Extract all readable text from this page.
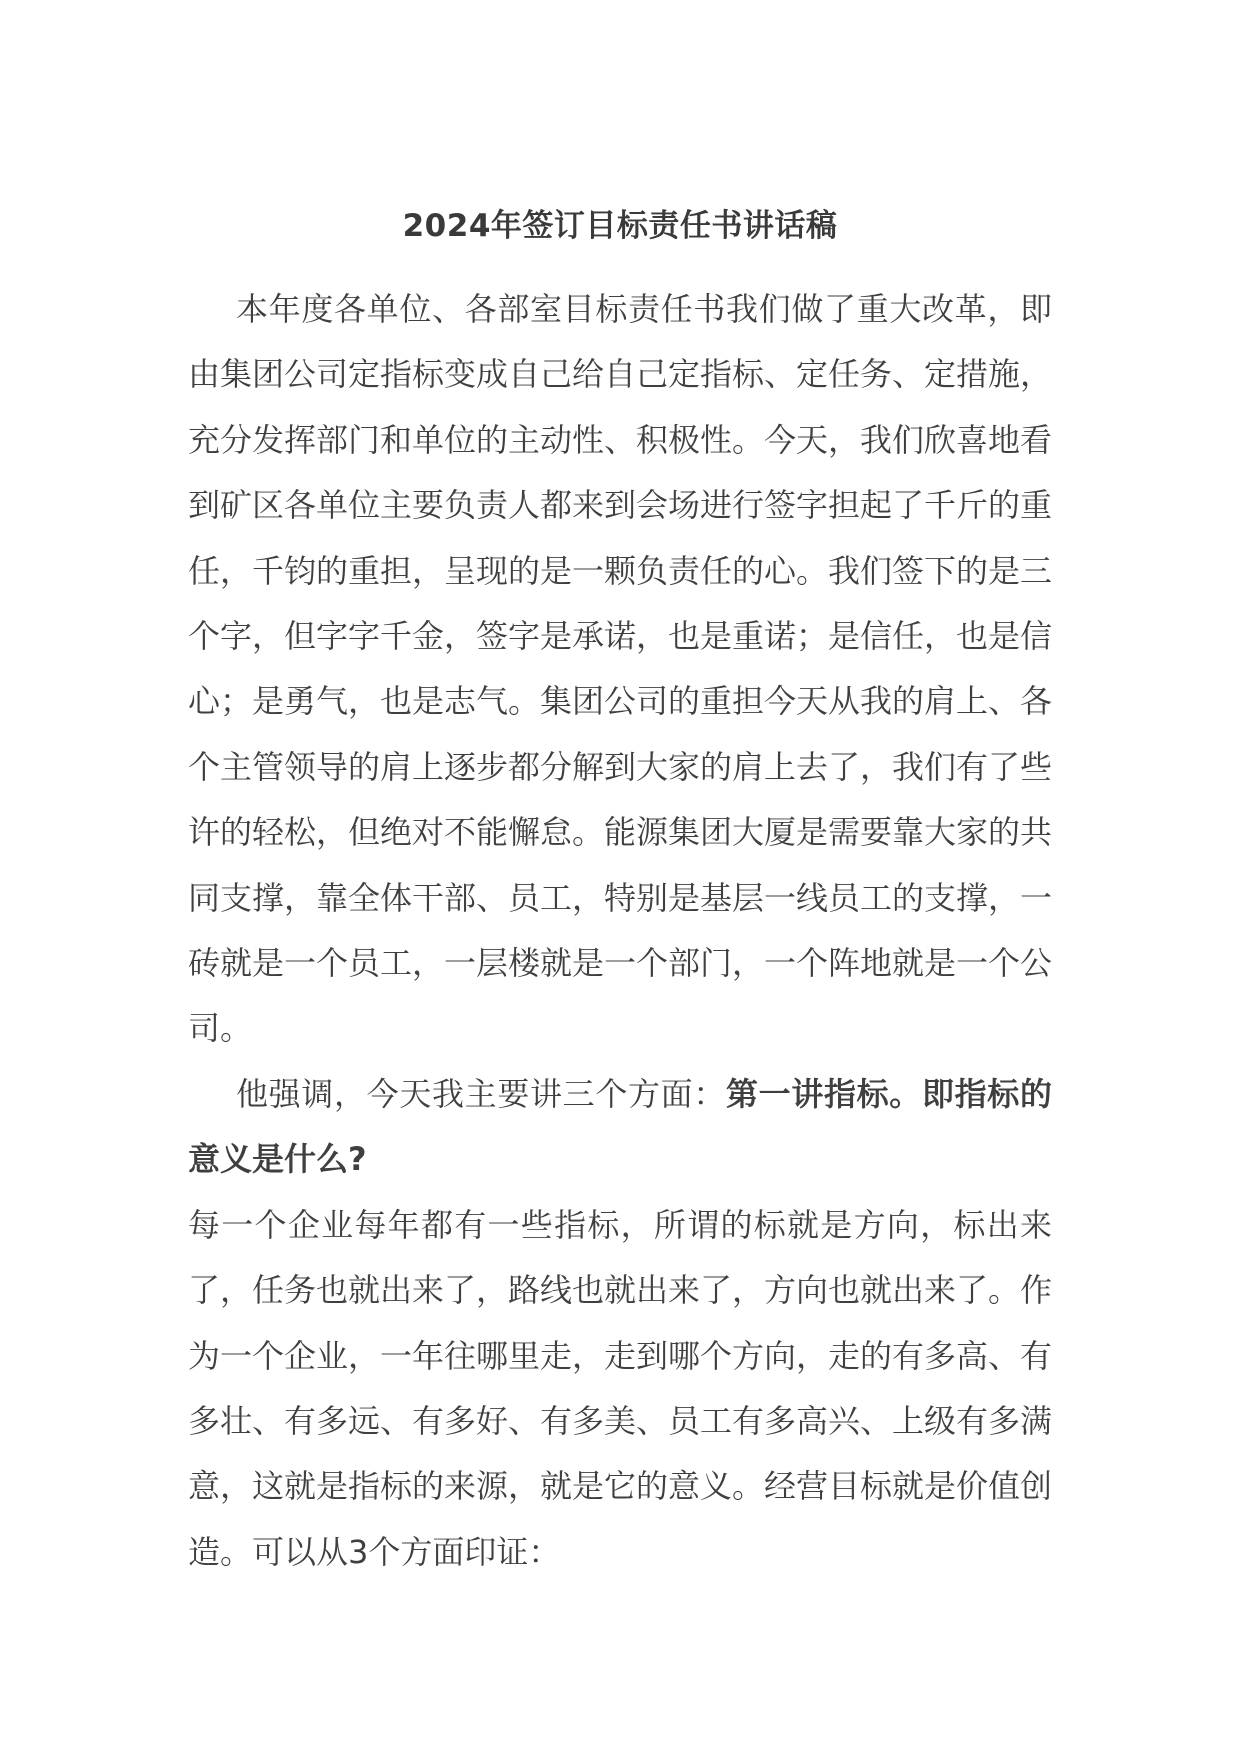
2024年签订目标责任书讲话稿

本年度各单位、各部室目标责任书我们做了重大改革，即由集团公司定指标变成自己给自己定指标、定任务、定措施，充分发挥部门和单位的主动性、积极性。今天，我们欣喜地看到矿区各单位主要负责人都来到会场进行签字担起了千斤的重任，千钧的重担，呈现的是一颗负责任的心。我们签下的是三个字，但字字千金，签字是承诺，也是重诺；是信任，也是信心；是勇气，也是志气。集团公司的重担今天从我的肩上、各个主管领导的肩上逐步都分解到大家的肩上去了，我们有了些许的轻松，但绝对不能懈怠。能源集团大厦是需要靠大家的共同支撑，靠全体干部、员工，特别是基层一线员工的支撑，一砖就是一个员工，一层楼就是一个部门，一个阵地就是一个公司。

他强调，今天我主要讲三个方面：第一讲指标。即指标的意义是什么?

每一个企业每年都有一些指标，所谓的标就是方向，标出来了，任务也就出来了，路线也就出来了，方向也就出来了。作为一个企业，一年往哪里走，走到哪个方向，走的有多高、有多壮、有多远、有多好、有多美、员工有多高兴、上级有多满意，这就是指标的来源，就是它的意义。经营目标就是价值创造。可以从3个方面印证：
